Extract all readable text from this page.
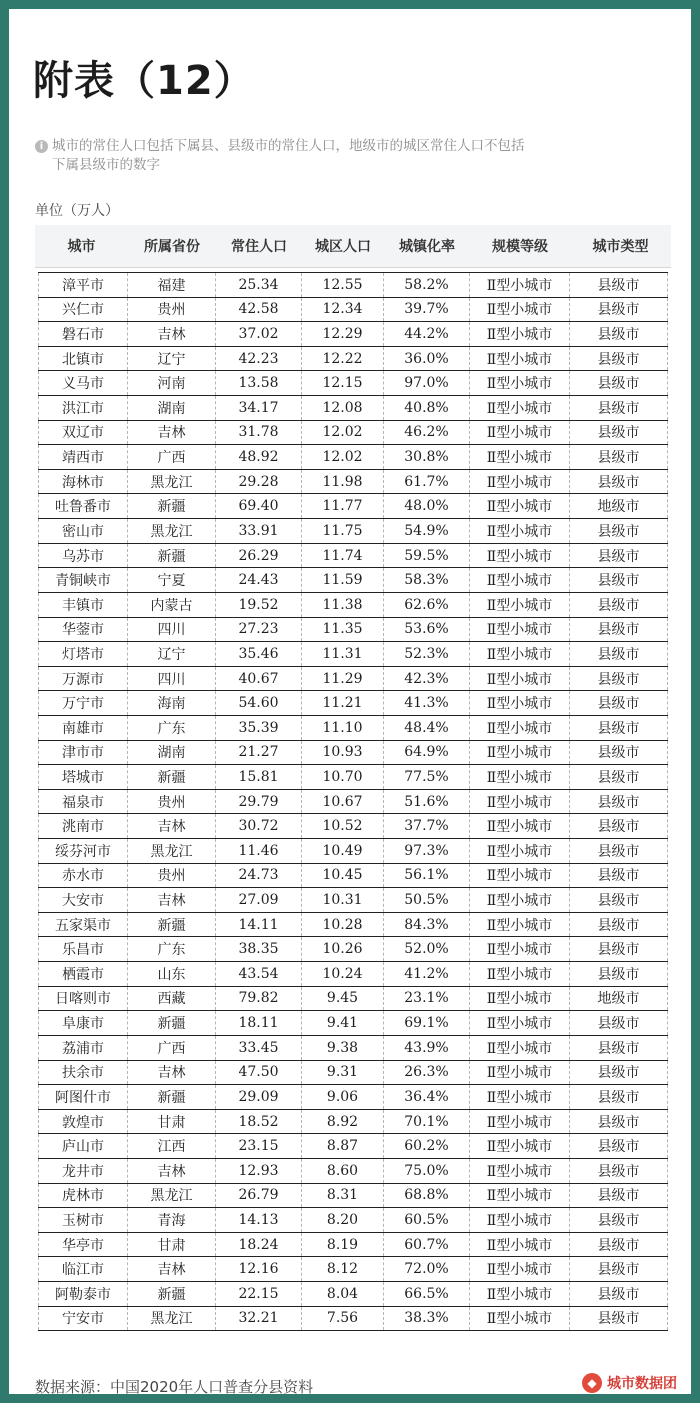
附表（12）
i 城市的常住人口包括下属县、县级市的常住人口，地级市的城区常住人口不包括
下属县级市的数字
单位（万人）
城市	所属省份	常住人口	城区人口	城镇化率	规模等级	城市类型
漳平市	福建	25.34	12.55	58.2%	Ⅱ型小城市	县级市
兴仁市	贵州	42.58	12.34	39.7%	Ⅱ型小城市	县级市
磐石市	吉林	37.02	12.29	44.2%	Ⅱ型小城市	县级市
北镇市	辽宁	42.23	12.22	36.0%	Ⅱ型小城市	县级市
义马市	河南	13.58	12.15	97.0%	Ⅱ型小城市	县级市
洪江市	湖南	34.17	12.08	40.8%	Ⅱ型小城市	县级市
双辽市	吉林	31.78	12.02	46.2%	Ⅱ型小城市	县级市
靖西市	广西	48.92	12.02	30.8%	Ⅱ型小城市	县级市
海林市	黑龙江	29.28	11.98	61.7%	Ⅱ型小城市	县级市
吐鲁番市	新疆	69.40	11.77	48.0%	Ⅱ型小城市	地级市
密山市	黑龙江	33.91	11.75	54.9%	Ⅱ型小城市	县级市
乌苏市	新疆	26.29	11.74	59.5%	Ⅱ型小城市	县级市
青铜峡市	宁夏	24.43	11.59	58.3%	Ⅱ型小城市	县级市
丰镇市	内蒙古	19.52	11.38	62.6%	Ⅱ型小城市	县级市
华蓥市	四川	27.23	11.35	53.6%	Ⅱ型小城市	县级市
灯塔市	辽宁	35.46	11.31	52.3%	Ⅱ型小城市	县级市
万源市	四川	40.67	11.29	42.3%	Ⅱ型小城市	县级市
万宁市	海南	54.60	11.21	41.3%	Ⅱ型小城市	县级市
南雄市	广东	35.39	11.10	48.4%	Ⅱ型小城市	县级市
津市市	湖南	21.27	10.93	64.9%	Ⅱ型小城市	县级市
塔城市	新疆	15.81	10.70	77.5%	Ⅱ型小城市	县级市
福泉市	贵州	29.79	10.67	51.6%	Ⅱ型小城市	县级市
洮南市	吉林	30.72	10.52	37.7%	Ⅱ型小城市	县级市
绥芬河市	黑龙江	11.46	10.49	97.3%	Ⅱ型小城市	县级市
赤水市	贵州	24.73	10.45	56.1%	Ⅱ型小城市	县级市
大安市	吉林	27.09	10.31	50.5%	Ⅱ型小城市	县级市
五家渠市	新疆	14.11	10.28	84.3%	Ⅱ型小城市	县级市
乐昌市	广东	38.35	10.26	52.0%	Ⅱ型小城市	县级市
栖霞市	山东	43.54	10.24	41.2%	Ⅱ型小城市	县级市
日喀则市	西藏	79.82	9.45	23.1%	Ⅱ型小城市	地级市
阜康市	新疆	18.11	9.41	69.1%	Ⅱ型小城市	县级市
荔浦市	广西	33.45	9.38	43.9%	Ⅱ型小城市	县级市
扶余市	吉林	47.50	9.31	26.3%	Ⅱ型小城市	县级市
阿图什市	新疆	29.09	9.06	36.4%	Ⅱ型小城市	县级市
敦煌市	甘肃	18.52	8.92	70.1%	Ⅱ型小城市	县级市
庐山市	江西	23.15	8.87	60.2%	Ⅱ型小城市	县级市
龙井市	吉林	12.93	8.60	75.0%	Ⅱ型小城市	县级市
虎林市	黑龙江	26.79	8.31	68.8%	Ⅱ型小城市	县级市
玉树市	青海	14.13	8.20	60.5%	Ⅱ型小城市	县级市
华亭市	甘肃	18.24	8.19	60.7%	Ⅱ型小城市	县级市
临江市	吉林	12.16	8.12	72.0%	Ⅱ型小城市	县级市
阿勒泰市	新疆	22.15	8.04	66.5%	Ⅱ型小城市	县级市
宁安市	黑龙江	32.21	7.56	38.3%	Ⅱ型小城市	县级市
数据来源：中国2020年人口普查分县资料	◆ 城市数据团
